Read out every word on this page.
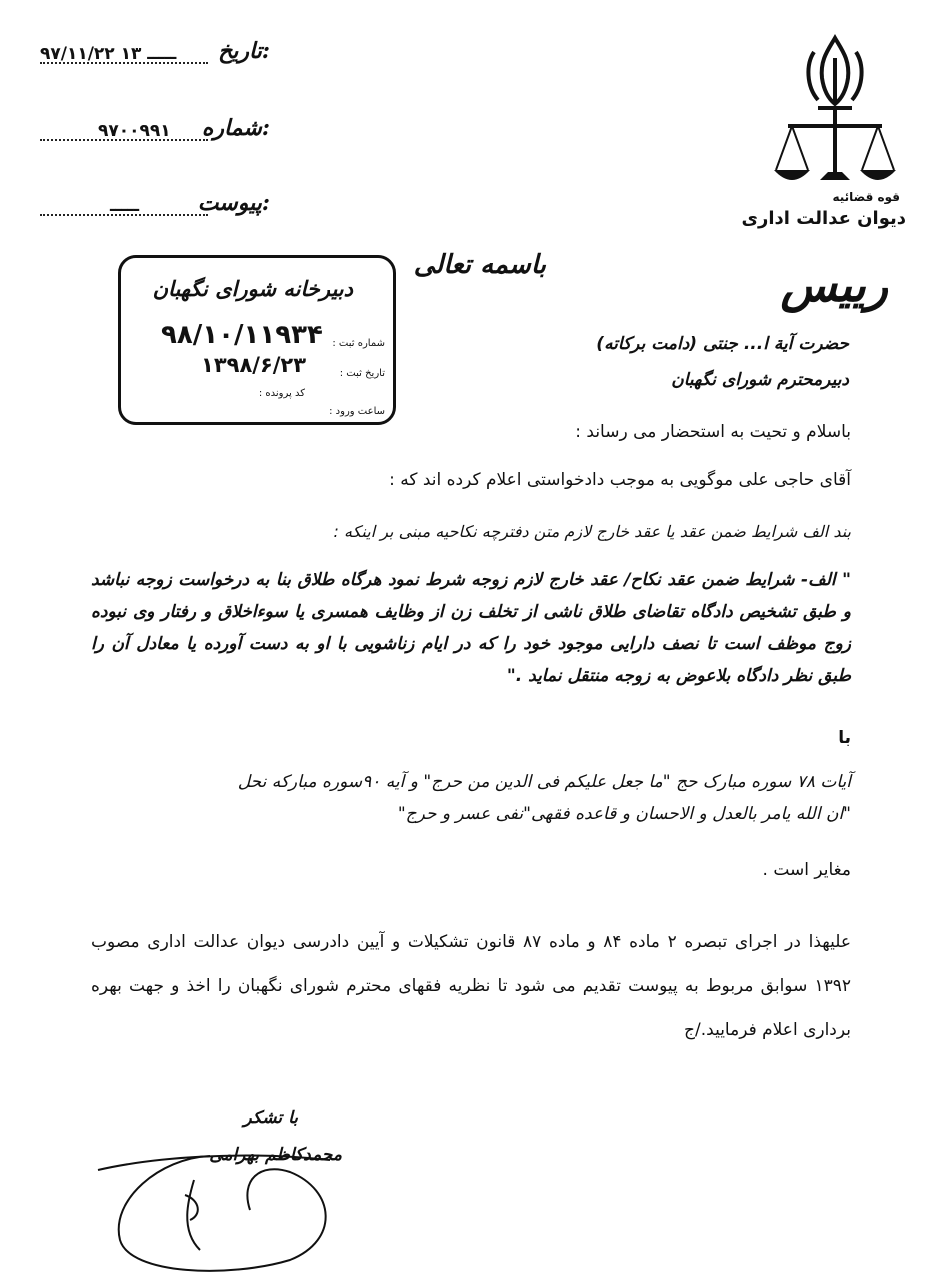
تاریخ:
۹۷/۱۱/۲۲ ـــــ ۱۳
شماره:
۹۷۰۰۹۹۱
پیوست:
ـــــ	قوه قضائیه
دیوان عدالت اداری
باسمه تعالی	رییس
دبیرخانه شورای نگهبان
شماره ثبت :
۹۸/۱۰/۱۱۹۳۴
تاریخ ثبت :
۱۳۹۸/۶/۲۳
کد پرونده :
ساعت ورود :
حضرت آیة ا... جنتی (دامت برکاته)
دبیرمحترم شورای نگهبان
باسلام و تحیت به استحضار می رساند :
آقای حاجی علی موگویی به موجب دادخواستی اعلام کرده اند که :
بند الف شرایط ضمن عقد یا عقد خارج لازم متن دفترچه نکاحیه مبنی بر اینکه :
" الف- شرایط ضمن عقد نکاح/ عقد خارج لازم زوجه شرط نمود هرگاه طلاق بنا به درخواست زوجه نباشد و طبق تشخیص دادگاه تقاضای طلاق ناشی از تخلف زن از وظایف همسری یا سوءاخلاق و رفتار وی نبوده زوج موظف است تا نصف دارایی موجود خود را که در ایام زناشویی با او به دست آورده یا معادل آن را طبق نظر دادگاه بلاعوض به زوجه منتقل نماید ."
با
آیات ۷۸ سوره مبارک حج "ما جعل علیکم فی الدین من حرج" و آیه ۹۰سوره مبارکه نحل
"ان الله یامر بالعدل و الاحسان و قاعده فقهی"نفی عسر و حرج"
مغایر است .
علیهذا در اجرای تبصره ۲ ماده ۸۴ و ماده ۸۷ قانون تشکیلات و آیین دادرسی دیوان عدالت اداری مصوب ۱۳۹۲ سوابق مربوط به پیوست تقدیم می شود تا نظریه فقهای محترم شورای نگهبان را اخذ و جهت بهره برداری اعلام فرمایید./ج
با تشکر
محمدکاظم بهرامی
